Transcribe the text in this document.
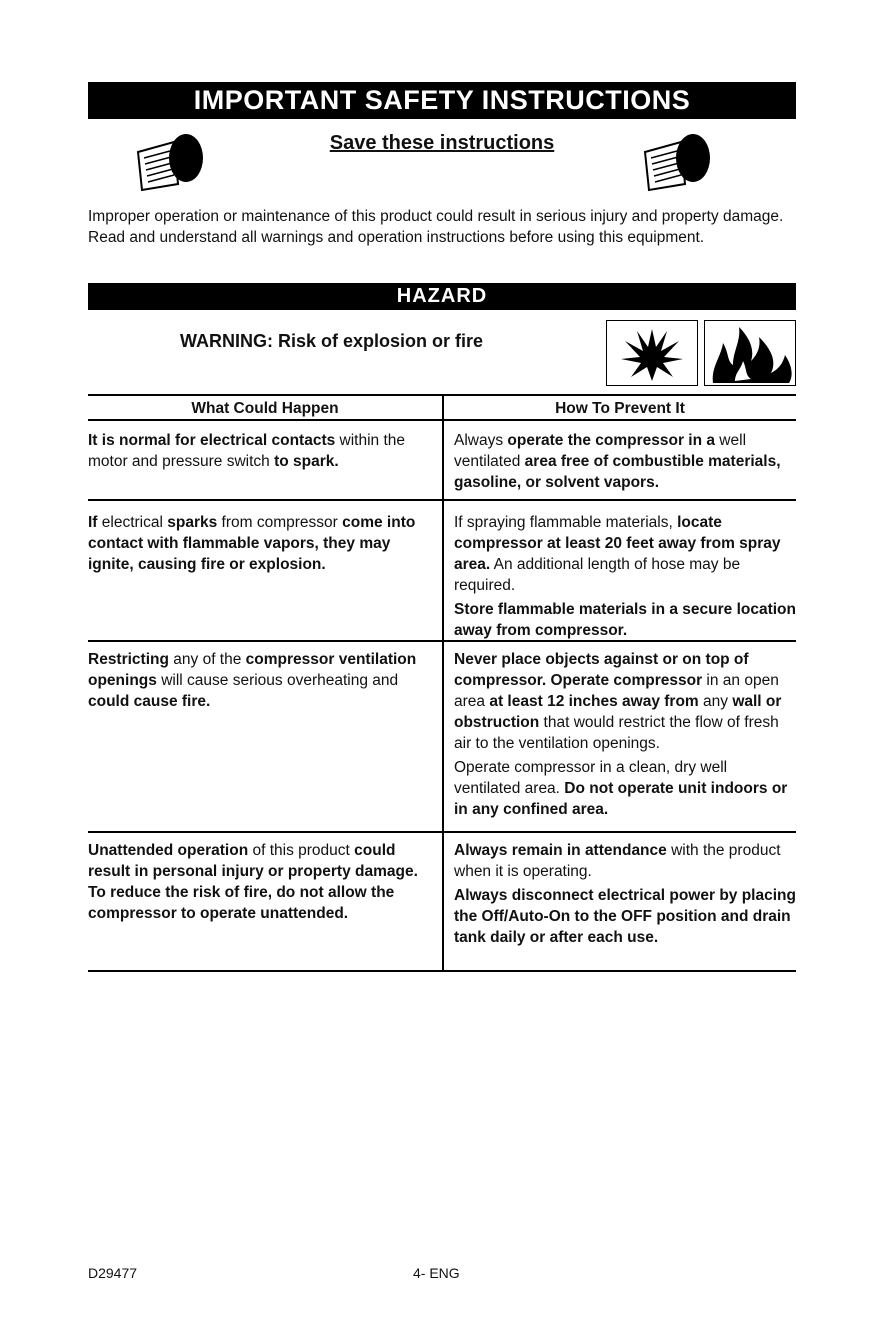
IMPORTANT SAFETY INSTRUCTIONS
Save these instructions
Improper operation or maintenance of this product could result in serious injury and property damage. Read and understand all warnings and operation instructions before using this equipment.
HAZARD
WARNING: Risk of explosion or fire
What Could Happen	How To Prevent It

It is normal for electrical contacts within the motor and pressure switch to spark.

Always operate the compressor in a well ventilated area free of combustible materials, gasoline, or solvent vapors.

If electrical sparks from compressor come into contact with flammable vapors, they may ignite, causing fire or explosion.

If spraying flammable materials, locate compressor at least 20 feet away from spray area. An additional length of hose may be required.

Store flammable materials in a secure location away from compressor.

Restricting any of the compressor ventilation openings will cause serious overheating and could cause fire.

Never place objects against or on top of compressor. Operate compressor in an open area at least 12 inches away from any wall or obstruction that would restrict the flow of fresh air to the ventilation openings.

Operate compressor in a clean, dry well ventilated area. Do not operate unit indoors or in any confined area.

Unattended operation of this product could result in personal injury or property damage. To reduce the risk of fire, do not allow the compressor to operate unattended.

Always remain in attendance with the product when it is operating.

Always disconnect electrical power by placing the Off/Auto-On to the OFF position and drain tank daily or after each use.

D29477	4- ENG
